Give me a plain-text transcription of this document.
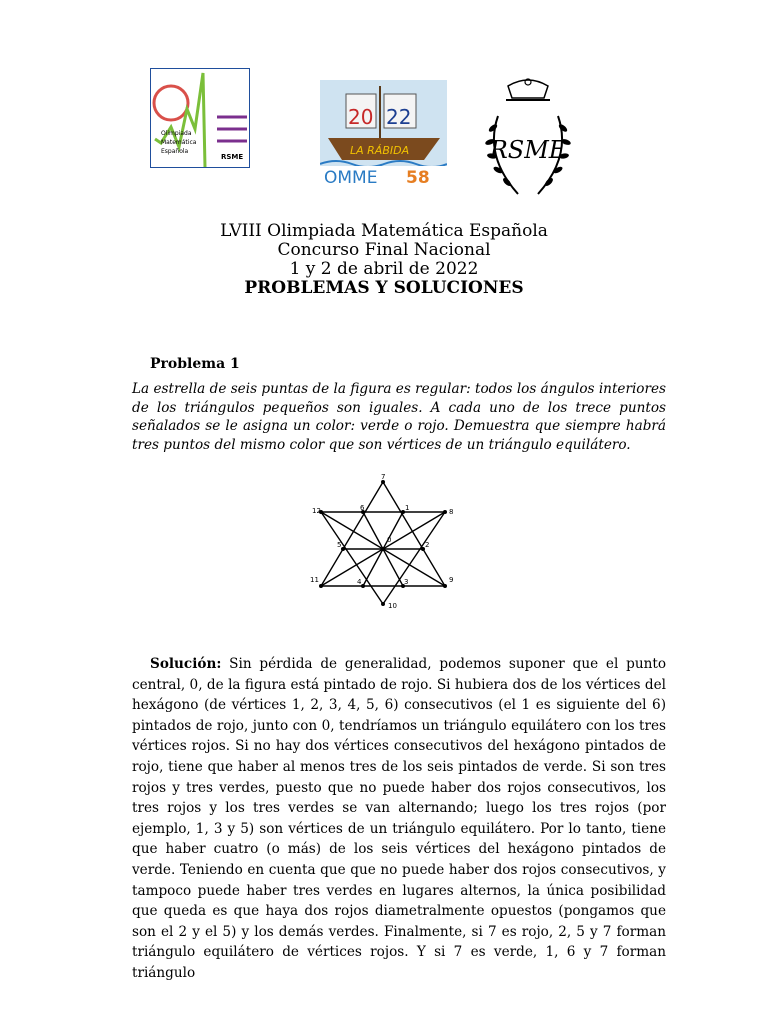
Olimpiada
Matemática
Española
RSME
20 22
LA RÁBIDA
OMME 58
RSME
LVIII Olimpiada Matemática Española
Concurso Final Nacional
1 y 2 de abril de 2022
PROBLEMAS Y SOLUCIONES
Problema 1
La estrella de seis puntas de la figura es regular: todos los ángulos interiores de los triángulos pequeños son iguales. A cada uno de los trece puntos señalados se le asigna un color: verde o rojo. Demuestra que siempre habrá tres puntos del mismo color que son vértices de un triángulo equilátero.
0
1
2
3
4
5
6
7
8
9
10
11
12
Solución: Sin pérdida de generalidad, podemos suponer que el punto central, 0, de la figura está pintado de rojo. Si hubiera dos de los vértices del hexágono (de vértices 1, 2, 3, 4, 5, 6) consecutivos (el 1 es siguiente del 6) pintados de rojo, junto con 0, tendríamos un triángulo equilátero con los tres vértices rojos. Si no hay dos vértices consecutivos del hexágono pintados de rojo, tiene que haber al menos tres de los seis pintados de verde. Si son tres rojos y tres verdes, puesto que no puede haber dos rojos consecutivos, los tres rojos y los tres verdes se van alternando; luego los tres rojos (por ejemplo, 1, 3 y 5) son vértices de un triángulo equilátero. Por lo tanto, tiene que haber cuatro (o más) de los seis vértices del hexágono pintados de verde. Teniendo en cuenta que que no puede haber dos rojos consecutivos, y tampoco puede haber tres verdes en lugares alternos, la única posibilidad que queda es que haya dos rojos diametralmente opuestos (pongamos que son el 2 y el 5) y los demás verdes. Finalmente, si 7 es rojo, 2, 5 y 7 forman triángulo equilátero de vértices rojos. Y si 7 es verde, 1, 6 y 7 forman triángulo
